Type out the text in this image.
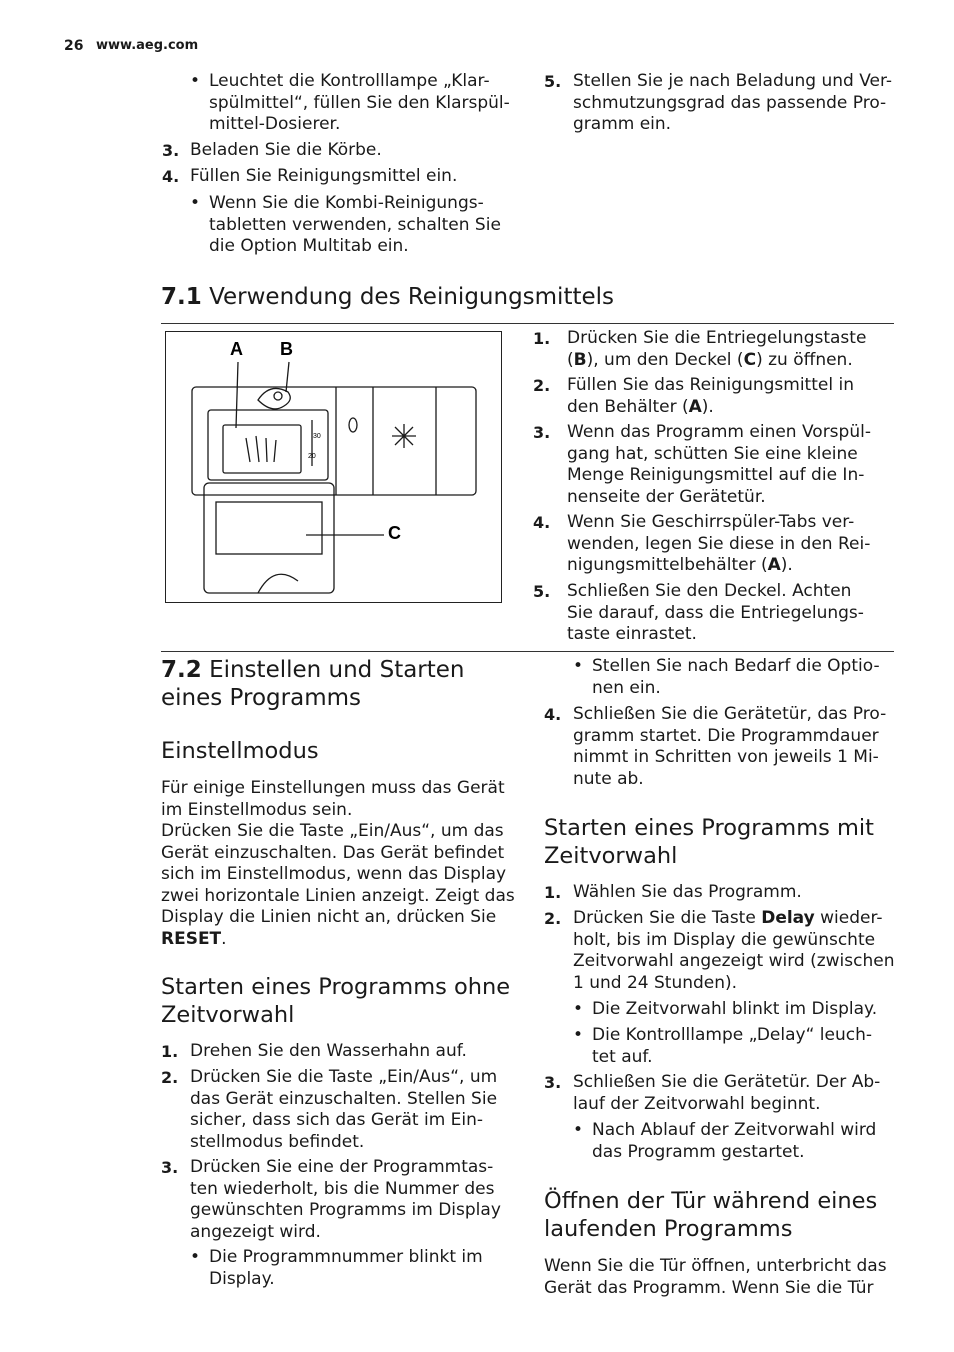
26 www.aeg.com
• Leuchtet die Kontrolllampe „Klar-
spülmittel“, füllen Sie den Klarspül-
mittel-Dosierer.
3. Beladen Sie die Körbe.
4. Füllen Sie Reinigungsmittel ein.
• Wenn Sie die Kombi-Reinigungs-
tabletten verwenden, schalten Sie
die Option Multitab ein.
5. Stellen Sie je nach Beladung und Ver-
schmutzungsgrad das passende Pro-
gramm ein.
7.1 Verwendung des Reinigungsmittels
A B
C
30
20
1. Drücken Sie die Entriegelungstaste
(B), um den Deckel (C) zu öffnen.
2. Füllen Sie das Reinigungsmittel in
den Behälter (A).
3. Wenn das Programm einen Vorspül-
gang hat, schütten Sie eine kleine
Menge Reinigungsmittel auf die In-
nenseite der Gerätetür.
4. Wenn Sie Geschirrspüler-Tabs ver-
wenden, legen Sie diese in den Rei-
nigungsmittelbehälter (A).
5. Schließen Sie den Deckel. Achten
Sie darauf, dass die Entriegelungs-
taste einrastet.
7.2 Einstellen und Starten
eines Programms
Einstellmodus
Für einige Einstellungen muss das Gerät
im Einstellmodus sein.
Drücken Sie die Taste „Ein/Aus“, um das
Gerät einzuschalten. Das Gerät befindet
sich im Einstellmodus, wenn das Display
zwei horizontale Linien anzeigt. Zeigt das
Display die Linien nicht an, drücken Sie
RESET.
Starten eines Programms ohne
Zeitvorwahl
1. Drehen Sie den Wasserhahn auf.
2. Drücken Sie die Taste „Ein/Aus“, um
das Gerät einzuschalten. Stellen Sie
sicher, dass sich das Gerät im Ein-
stellmodus befindet.
3. Drücken Sie eine der Programmtas-
ten wiederholt, bis die Nummer des
gewünschten Programms im Display
angezeigt wird.
• Die Programmnummer blinkt im
Display.
• Stellen Sie nach Bedarf die Optio-
nen ein.
4. Schließen Sie die Gerätetür, das Pro-
gramm startet. Die Programmdauer
nimmt in Schritten von jeweils 1 Mi-
nute ab.
Starten eines Programms mit
Zeitvorwahl
1. Wählen Sie das Programm.
2. Drücken Sie die Taste Delay wieder-
holt, bis im Display die gewünschte
Zeitvorwahl angezeigt wird (zwischen
1 und 24 Stunden).
• Die Zeitvorwahl blinkt im Display.
• Die Kontrolllampe „Delay“ leuch-
tet auf.
3. Schließen Sie die Gerätetür. Der Ab-
lauf der Zeitvorwahl beginnt.
• Nach Ablauf der Zeitvorwahl wird
das Programm gestartet.
Öffnen der Tür während eines
laufenden Programms
Wenn Sie die Tür öffnen, unterbricht das
Gerät das Programm. Wenn Sie die Tür
